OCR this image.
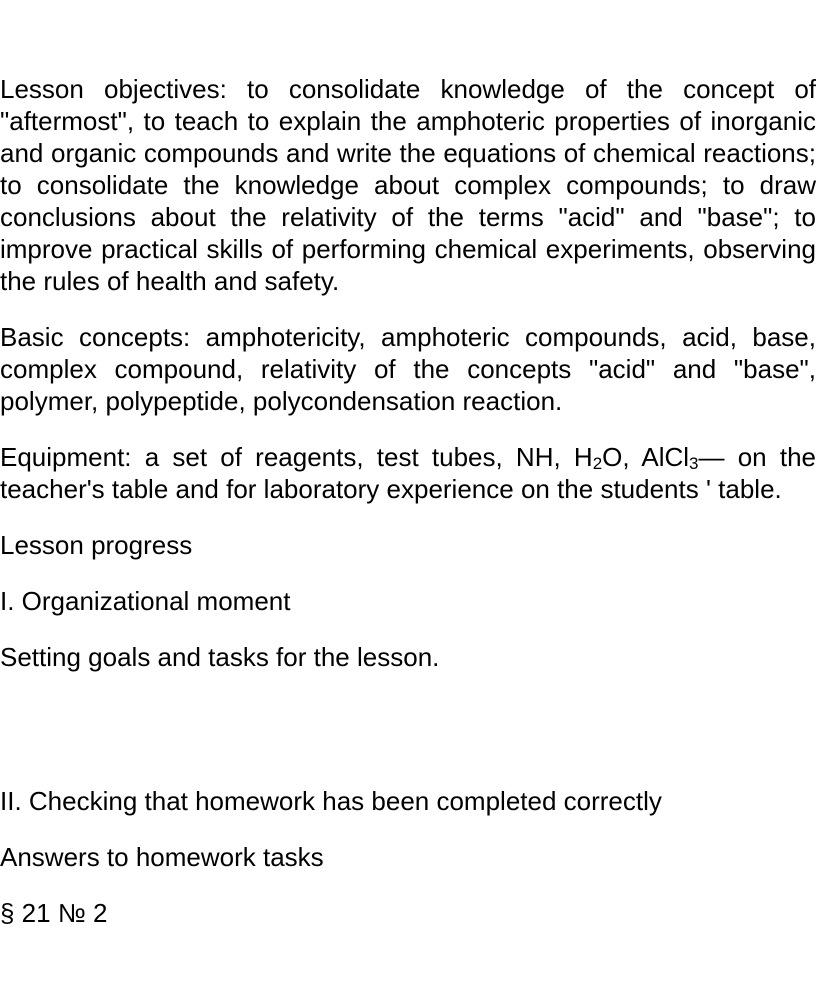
Lesson objectives: to consolidate knowledge of the concept of "aftermost", to teach to explain the amphoteric properties of inorganic and organic compounds and write the equations of chemical reactions; to consolidate the knowledge about complex compounds; to draw conclusions about the relativity of the terms "acid" and "base"; to improve practical skills of performing chemical experiments, observing the rules of health and safety.

Basic concepts: amphotericity, amphoteric compounds, acid, base, complex compound, relativity of the concepts "acid" and "base", polymer, polypeptide, polycondensation reaction.

Equipment: a set of reagents, test tubes, NH, $H_2O$, AlCl$_3$— on the teacher's table and for laboratory experience on the students ' table.

Lesson progress

I. Organizational moment

Setting goals and tasks for the lesson.

II. Checking that homework has been completed correctly

Answers to homework tasks

§ 21 № 2
